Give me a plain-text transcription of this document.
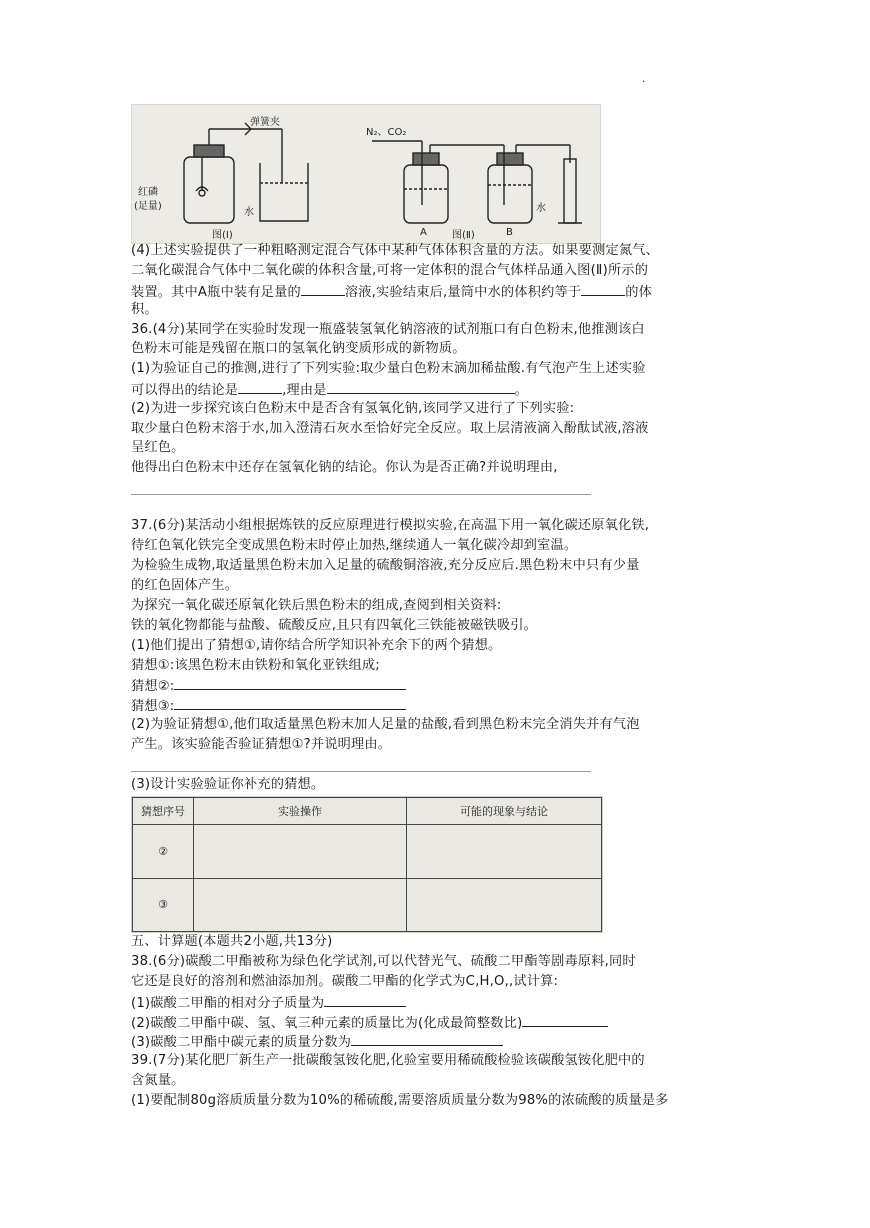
.
弹簧夹
红磷
(足量)
水
图(Ⅰ)
N₂、CO₂
A	B
水
图(Ⅱ)
(4)上述实验提供了一种粗略测定混合气体中某种气体体积含量的方法。如果要测定氮气、
二氧化碳混合气体中二氧化碳的体积含量,可将一定体积的混合气体样品通入图(Ⅱ)所示的
装置。其中A瓶中装有足量的	溶液,实验结束后,量筒中水的体积约等于	的体
积。
36.(4分)某同学在实验时发现一瓶盛装氢氧化钠溶液的试剂瓶口有白色粉末,他推测该白
色粉末可能是残留在瓶口的氢氧化钠变质形成的新物质。
(1)为验证自己的推测,进行了下列实验:取少量白色粉末滴加稀盐酸.有气泡产生上述实验
可以得出的结论是	,理由是	。
(2)为进一步探究该白色粉末中是否含有氢氧化钠,该同学又进行了下列实验:
取少量白色粉末溶于水,加入澄清石灰水至恰好完全反应。取上层清液滴入酚酞试液,溶液
呈红色。
他得出白色粉末中还存在氢氧化钠的结论。你认为是否正确?并说明理由,
37.(6分)某活动小组根据炼铁的反应原理进行模拟实验,在高温下用一氧化碳还原氧化铁,
待红色氧化铁完全变成黑色粉末时停止加热,继续通人一氧化碳冷却到室温。
为检验生成物,取适量黑色粉末加入足量的硫酸铜溶液,充分反应后.黑色粉末中只有少量
的红色固体产生。
为探究一氧化碳还原氧化铁后黑色粉末的组成,查阅到相关资料:
铁的氧化物都能与盐酸、硫酸反应,且只有四氧化三铁能被磁铁吸引。
(1)他们提出了猜想①,请你结合所学知识补充余下的两个猜想。
猜想①:该黑色粉末由铁粉和氧化亚铁组成;
猜想②:
猜想③:
(2)为验证猜想①,他们取适量黑色粉末加人足量的盐酸,看到黑色粉末完全消失并有气泡
产生。该实验能否验证猜想①?并说明理由。
(3)设计实验验证你补充的猜想。
猜想序号	实验操作	可能的现象与结论
②		
③		
五、计算题(本题共2小题,共13分)
38.(6分)碳酸二甲酯被称为绿色化学试剂,可以代替光气、硫酸二甲酯等剧毒原料,同时
它还是良好的溶剂和燃油添加剂。碳酸二甲酯的化学式为C,H,O,,试计算:
(1)碳酸二甲酯的相对分子质量为
(2)碳酸二甲酯中碳、氢、氧三种元素的质量比为(化成最简整数比)
(3)碳酸二甲酯中碳元素的质量分数为
39.(7分)某化肥厂新生产一批碳酸氢铵化肥,化验室要用稀硫酸检验该碳酸氢铵化肥中的
含氮量。
(1)要配制80g溶质质量分数为10%的稀硫酸,需要溶质质量分数为98%的浓硫酸的质量是多
